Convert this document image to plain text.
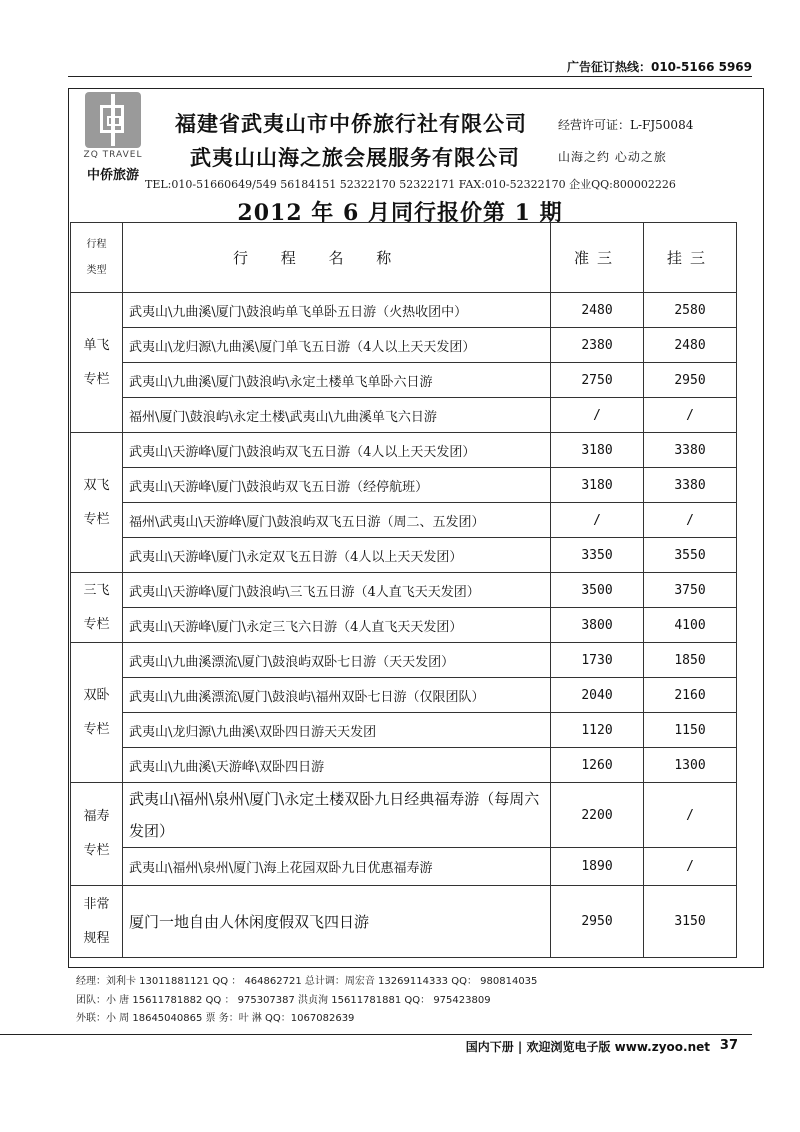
广告征订热线：010-5166 5969
ZQ TRAVEL
中侨旅游
福建省武夷山市中侨旅行社有限公司
武夷山山海之旅会展服务有限公司
经营许可证：L-FJ50084
山海之约 心动之旅
TEL:010-51660649/549 56184151 52322170 52322171 FAX:010-52322170 企业QQ:800002226
2012 年 6 月同行报价第 1 期
行程
类型	行 程 名 称	准三	挂三

单飞
专栏	武夷山\九曲溪\厦门\鼓浪屿单飞单卧五日游（火热收团中）	2480	2580
	武夷山\龙归源\九曲溪\厦门单飞五日游（4人以上天天发团）	2380	2480
	武夷山\九曲溪\厦门\鼓浪屿\永定土楼单飞单卧六日游	2750	2950
	福州\厦门\鼓浪屿\永定土楼\武夷山\九曲溪单飞六日游	/	/

双飞
专栏	武夷山\天游峰\厦门\鼓浪屿双飞五日游（4人以上天天发团）	3180	3380
	武夷山\天游峰\厦门\鼓浪屿双飞五日游（经停航班）	3180	3380
	福州\武夷山\天游峰\厦门\鼓浪屿双飞五日游（周二、五发团）	/	/
	武夷山\天游峰\厦门\永定双飞五日游（4人以上天天发团）	3350	3550

三飞
专栏	武夷山\天游峰\厦门\鼓浪屿\三飞五日游（4人直飞天天发团）	3500	3750
	武夷山\天游峰\厦门\永定三飞六日游（4人直飞天天发团）	3800	4100

双卧
专栏	武夷山\九曲溪漂流\厦门\鼓浪屿双卧七日游（天天发团）	1730	1850
	武夷山\九曲溪漂流\厦门\鼓浪屿\福州双卧七日游（仅限团队）	2040	2160
	武夷山\龙归源\九曲溪\双卧四日游天天发团	1120	1150
	武夷山\九曲溪\天游峰\双卧四日游	1260	1300

福寿
专栏	武夷山\福州\泉州\厦门\永定土楼双卧九日经典福寿游（每周六发团）	2200	/
	武夷山\福州\泉州\厦门\海上花园双卧九日优惠福寿游	1890	/

非常
规程	厦门一地自由人休闲度假双飞四日游	2950	3150
经理：刘利卡 13011881121 QQ ： 464862721 总计调：周宏音 13269114333 QQ： 980814035
团队：小 唐 15611781882 QQ ： 975307387 洪贞洵 15611781881 QQ： 975423809
外联：小 周 18645040865 票 务：叶 淋 QQ：1067082639
国内下册 | 欢迎浏览电子版 www.zyoo.net 37
